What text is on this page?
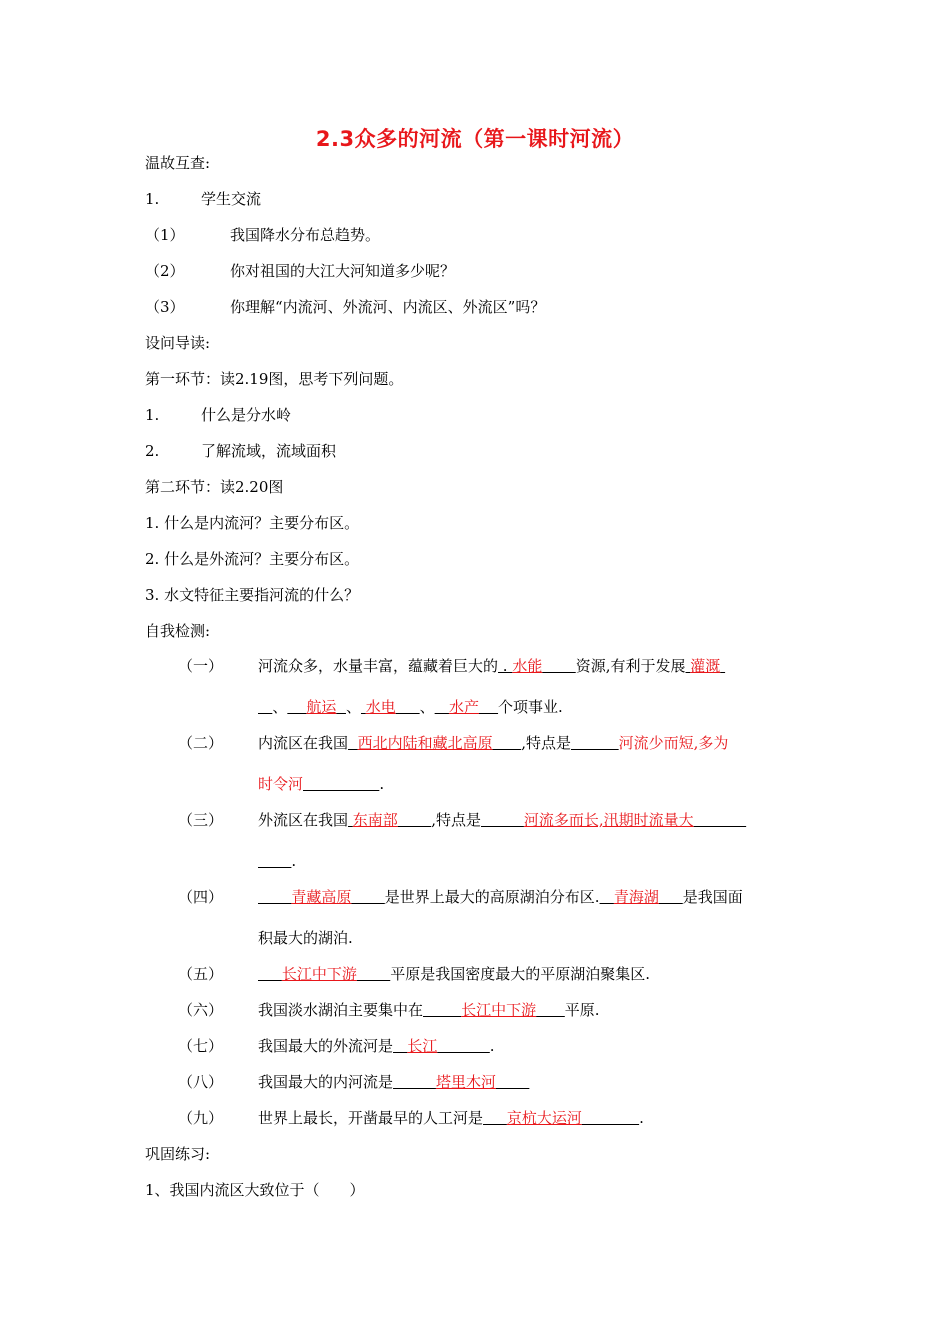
2.3众多的河流（第一课时河流）
温故互查:
1.	学生交流
（1）	我国降水分布总趋势。
（2）	你对祖国的大江大河知道多少呢？
（3）	你理解“内流河、外流河、内流区、外流区”吗？
设问导读:
第一环节：读2.19图，思考下列问题。
1.	什么是分水岭
2.	了解流域，流域面积
第二环节：读2.20图
1. 什么是内流河？主要分布区。
2. 什么是外流河？主要分布区。
3. 水文特征主要指河流的什么？
自我检测:
（一） 河流众多，水量丰富，蕴藏着巨大的 . 水能 资源,有利于发展 灌溉
、 航运 、 水电 、 水产 个项事业.
（二） 内流区在我国 西北内陆和藏北高原 ,特点是	河流少而短,多为
时令河	.
（三） 外流区在我国 东南部 ,特点是	河流多而长,汛期时流量大
.
（四）	青藏高原 是世界上最大的高原湖泊分布区. 青海湖 是我国面
积最大的湖泊.
（五）	长江中下游 平原是我国密度最大的平原湖泊聚集区.
（六） 我国淡水湖泊主要集中在	长江中下游 平原.
（七） 我国最大的外流河是 长江	.
（八） 我国最大的内河流是	塔里木河
（九） 世界上最长，开凿最早的人工河是 京杭大运河	.
巩固练习:
1、我国内流区大致位于（　　）
